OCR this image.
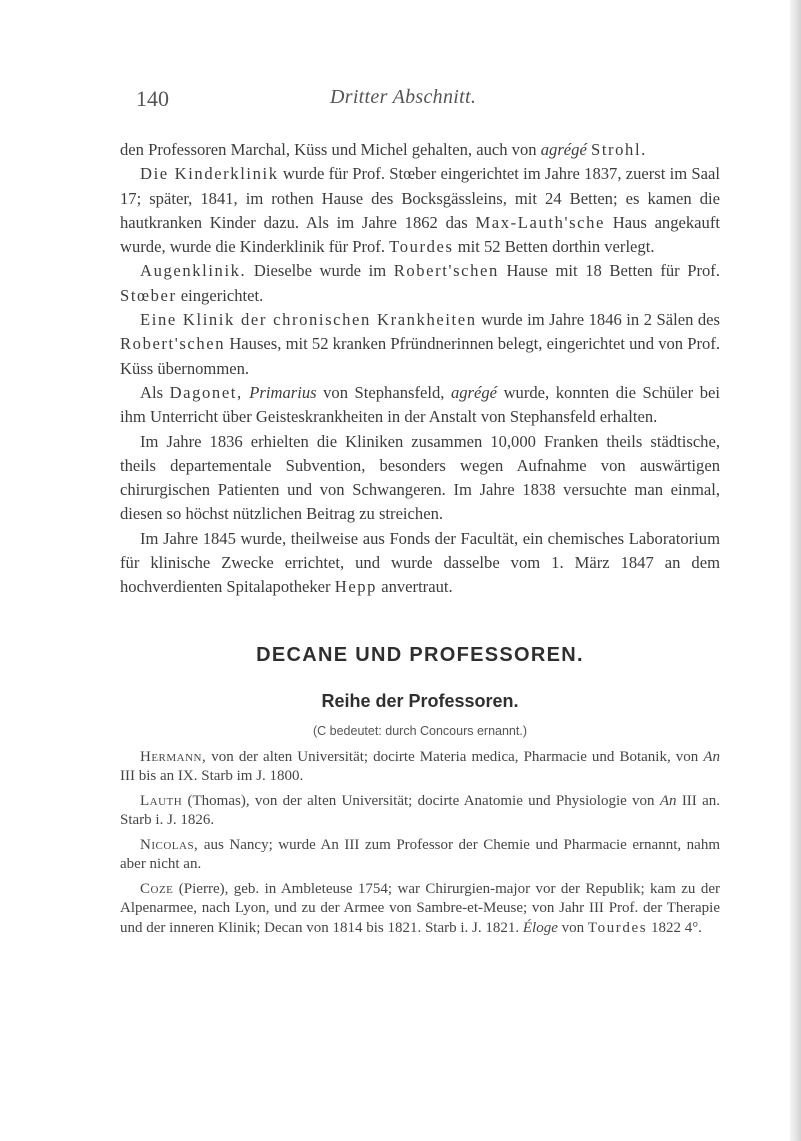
140	Dritter Abschnitt.

den Professoren Marchal, Küss und Michel gehalten, auch von agrégé Strohl.

Die Kinderklinik wurde für Prof. Stœber eingerichtet im Jahre 1837, zuerst im Saal 17; später, 1841, im rothen Hause des Bocksgässleins, mit 24 Betten; es kamen die hautkranken Kinder dazu. Als im Jahre 1862 das Max-Lauth'sche Haus angekauft wurde, wurde die Kinderklinik für Prof. Tourdes mit 52 Betten dorthin verlegt.

Augenklinik. Dieselbe wurde im Robert'schen Hause mit 18 Betten für Prof. Stœber eingerichtet.

Eine Klinik der chronischen Krankheiten wurde im Jahre 1846 in 2 Sälen des Robert'schen Hauses, mit 52 kranken Pfründnerinnen belegt, eingerichtet und von Prof. Küss übernommen.

Als Dagonet, Primarius von Stephansfeld, agrégé wurde, konnten die Schüler bei ihm Unterricht über Geisteskrankheiten in der Anstalt von Stephansfeld erhalten.

Im Jahre 1836 erhielten die Kliniken zusammen 10,000 Franken theils städtische, theils departementale Subvention, besonders wegen Aufnahme von auswärtigen chirurgischen Patienten und von Schwangeren. Im Jahre 1838 versuchte man einmal, diesen so höchst nützlichen Beitrag zu streichen.

Im Jahre 1845 wurde, theilweise aus Fonds der Facultät, ein chemisches Laboratorium für klinische Zwecke errichtet, und wurde dasselbe vom 1. März 1847 an dem hochverdienten Spitalapotheker Hepp anvertraut.

DECANE UND PROFESSOREN.
Reihe der Professoren.
(C bedeutet: durch Concours ernannt.)

Hermann, von der alten Universität; docirte Materia medica, Pharmacie und Botanik, von An III bis an IX. Starb im J. 1800.

Lauth (Thomas), von der alten Universität; docirte Anatomie und Physiologie von An III an. Starb i. J. 1826.

Nicolas, aus Nancy; wurde An III zum Professor der Chemie und Pharmacie ernannt, nahm aber nicht an.

Coze (Pierre), geb. in Ambleteuse 1754; war Chirurgien-major vor der Republik; kam zu der Alpenarmee, nach Lyon, und zu der Armee von Sambre-et-Meuse; von Jahr III Prof. der Therapie und der inneren Klinik; Decan von 1814 bis 1821. Starb i. J. 1821. Éloge von Tourdes 1822 4°.
